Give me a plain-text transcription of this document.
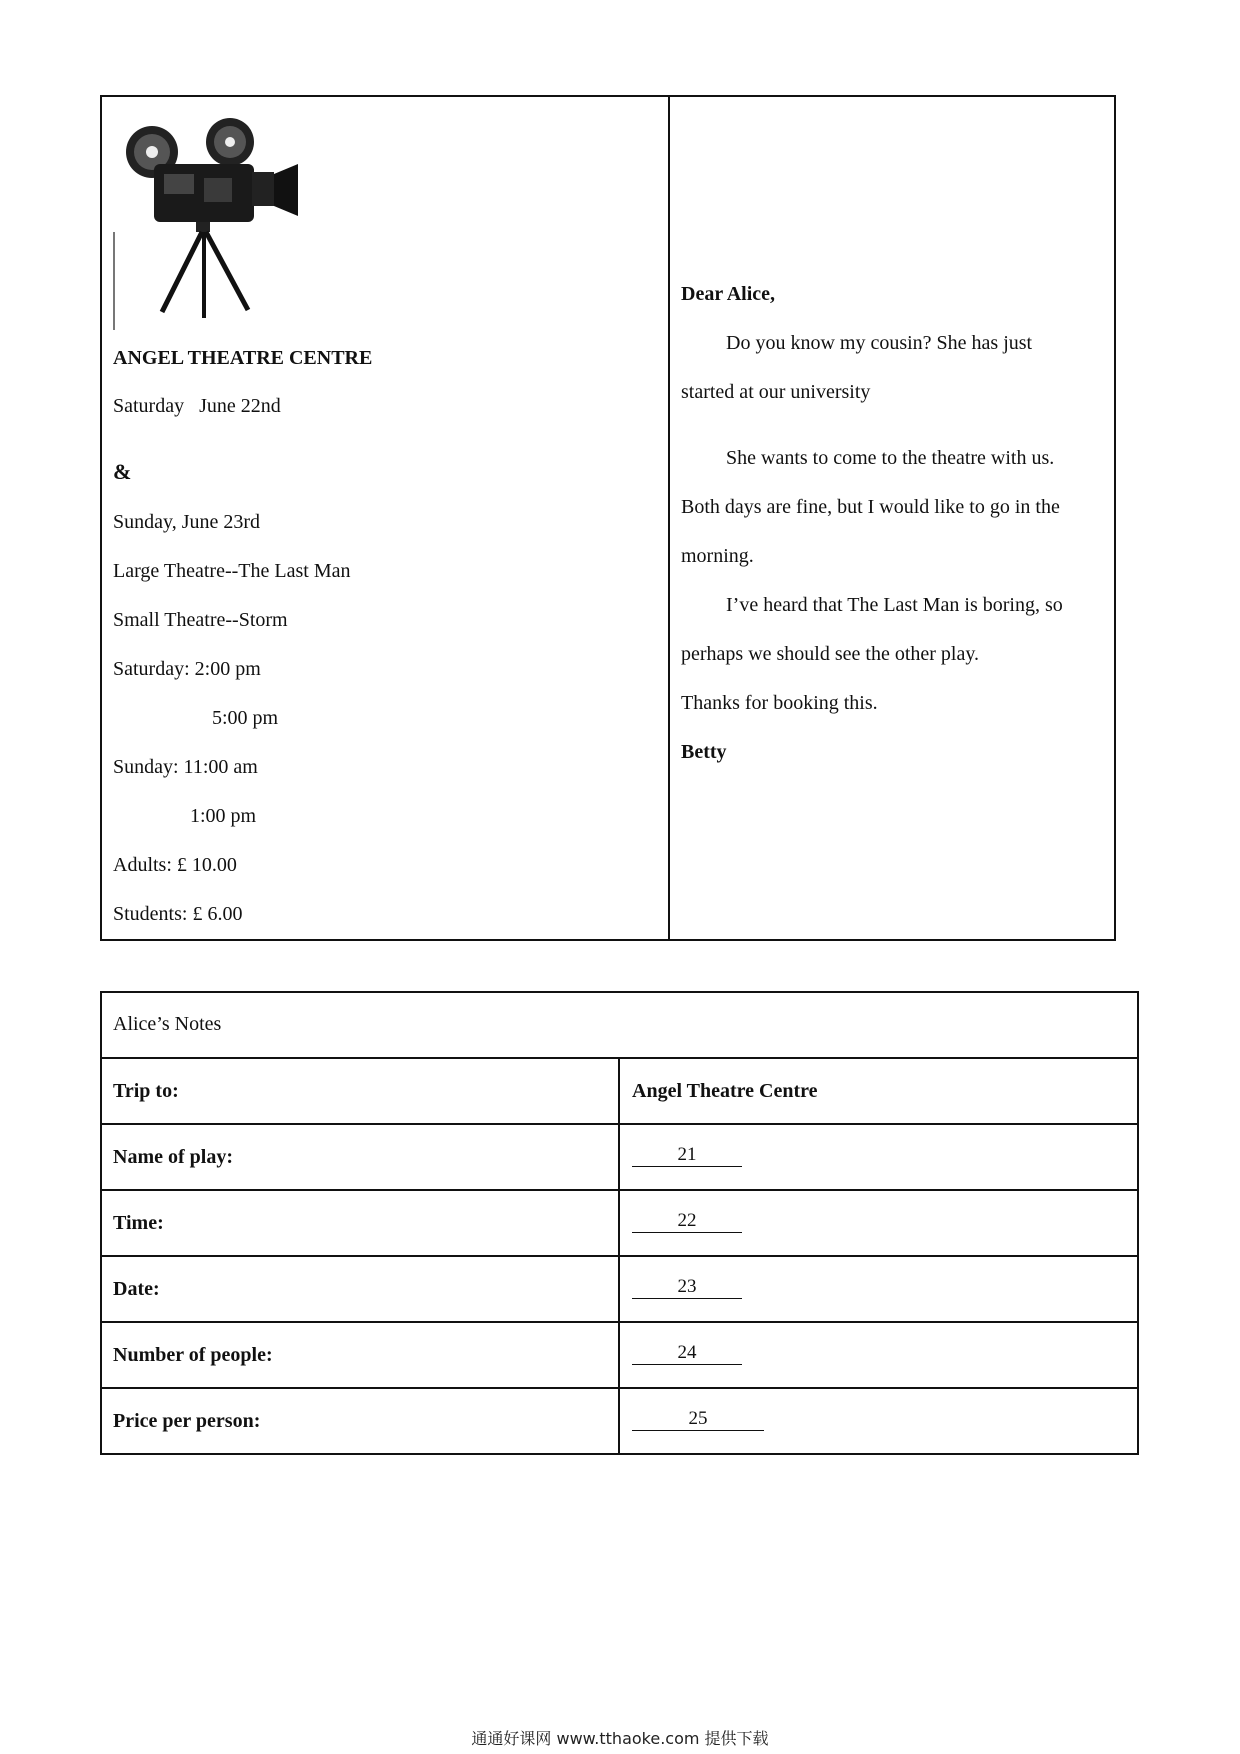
ANGEL THEATRE CENTRE
Saturday   June 22nd
&
Sunday, June 23rd
Large Theatre--The Last Man
Small Theatre--Storm
Saturday: 2:00 pm
5:00 pm
Sunday: 11:00 am
1:00 pm
Adults: £ 10.00
Students: £ 6.00
Dear Alice,
Do you know my cousin? She has just
started at our university
She wants to come to the theatre with us.
Both days are fine, but I would like to go in the
morning.
I’ve heard that The Last Man is boring, so
perhaps we should see the other play.
Thanks for booking this.
Betty
Alice’s Notes
Trip to:	Angel Theatre Centre
Name of play:	21
Time:	22
Date:	23
Number of people:	24
Price per person:	25
通通好课网 www.tthaoke.com 提供下载
